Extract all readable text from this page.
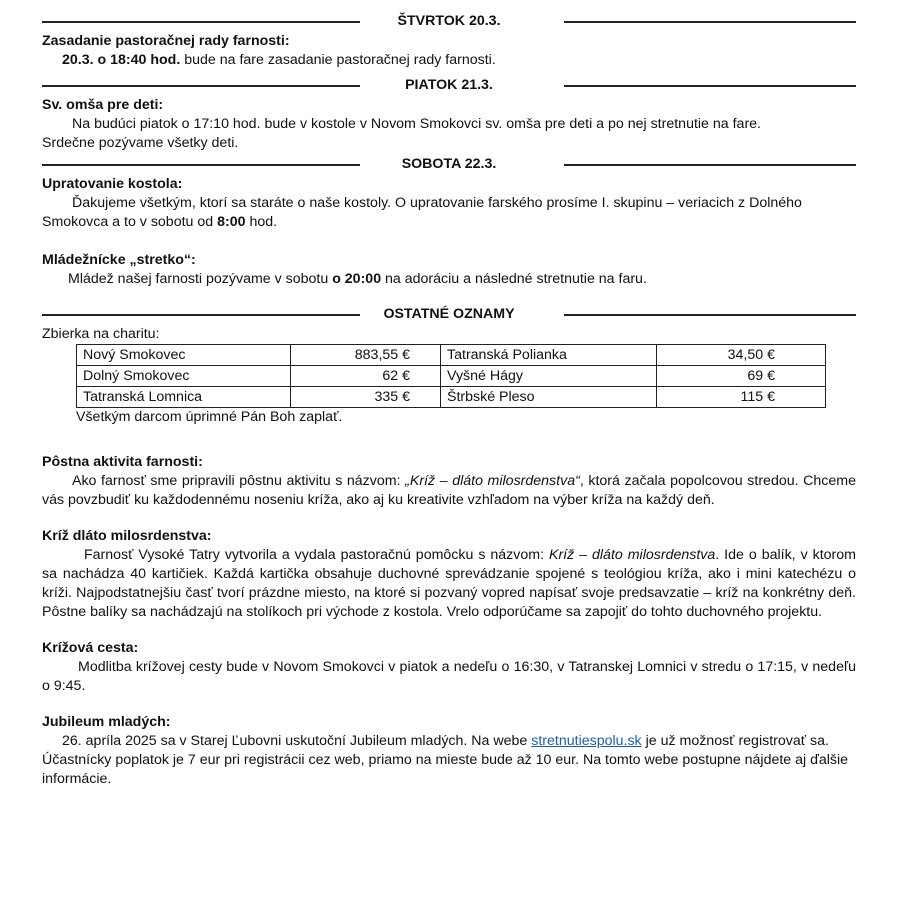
ŠTVRTOK 20.3.

Zasadanie pastoračnej rady farnosti:

20.3. o 18:40 hod. bude na fare zasadanie pastoračnej rady farnosti.

PIATOK 21.3.

Sv. omša pre deti:

Na budúci piatok o 17:10 hod. bude v kostole v Novom Smokovci sv. omša pre deti a po nej stretnutie na fare.

Srdečne pozývame všetky deti.

SOBOTA 22.3.

Upratovanie kostola:

Ďakujeme všetkým, ktorí sa staráte o naše kostoly. O upratovanie farského prosíme I. skupinu – veriacich z Dolného Smokovca a to v sobotu od 8:00 hod.

Mládežnícke „stretko“:

Mládež našej farnosti pozývame v sobotu o 20:00 na adoráciu a následné stretnutie na faru.

OSTATNÉ OZNAMY

Zbierka na charitu:

Nový Smokovec	883,55 €	Tatranská Polianka	34,50 €
Dolný Smokovec	62 €	Vyšné Hágy	69 €
Tatranská Lomnica	335 €	Štrbské Pleso	115 €

Všetkým darcom úprimné Pán Boh zaplať.

Pôstna aktivita farnosti:

Ako farnosť sme pripravili pôstnu aktivitu s názvom: „Kríž – dláto milosrdenstva“, ktorá začala popolcovou stredou. Chceme vás povzbudiť ku každodennému noseniu kríža, ako aj ku kreativite vzhľadom na výber kríža na každý deň.

Kríž dláto milosrdenstva:

Farnosť Vysoké Tatry vytvorila a vydala pastoračnú pomôcku s názvom: Kríž – dláto milosrdenstva. Ide o balík, v ktorom sa nachádza 40 kartičiek. Každá kartička obsahuje duchovné sprevádzanie spojené s teológiou kríža, ako i mini katechézu o kríži. Najpodstatnejšiu časť tvorí prázdne miesto, na ktoré si pozvaný vopred napísať svoje predsavzatie – kríž na konkrétny deň. Pôstne balíky sa nachádzajú na stolíkoch pri východe z kostola. Vrelo odporúčame sa zapojiť do tohto duchovného projektu.

Krížová cesta:

Modlitba krížovej cesty bude v Novom Smokovci v piatok a nedeľu o 16:30, v Tatranskej Lomnici v stredu o 17:15, v nedeľu o 9:45.

Jubileum mladých:

26. apríla 2025 sa v Starej Ľubovni uskutoční Jubileum mladých. Na webe stretnutiespolu.sk je už možnosť registrovať sa. Účastnícky poplatok je 7 eur pri registrácii cez web, priamo na mieste bude až 10 eur. Na tomto webe postupne nájdete aj ďalšie informácie.
